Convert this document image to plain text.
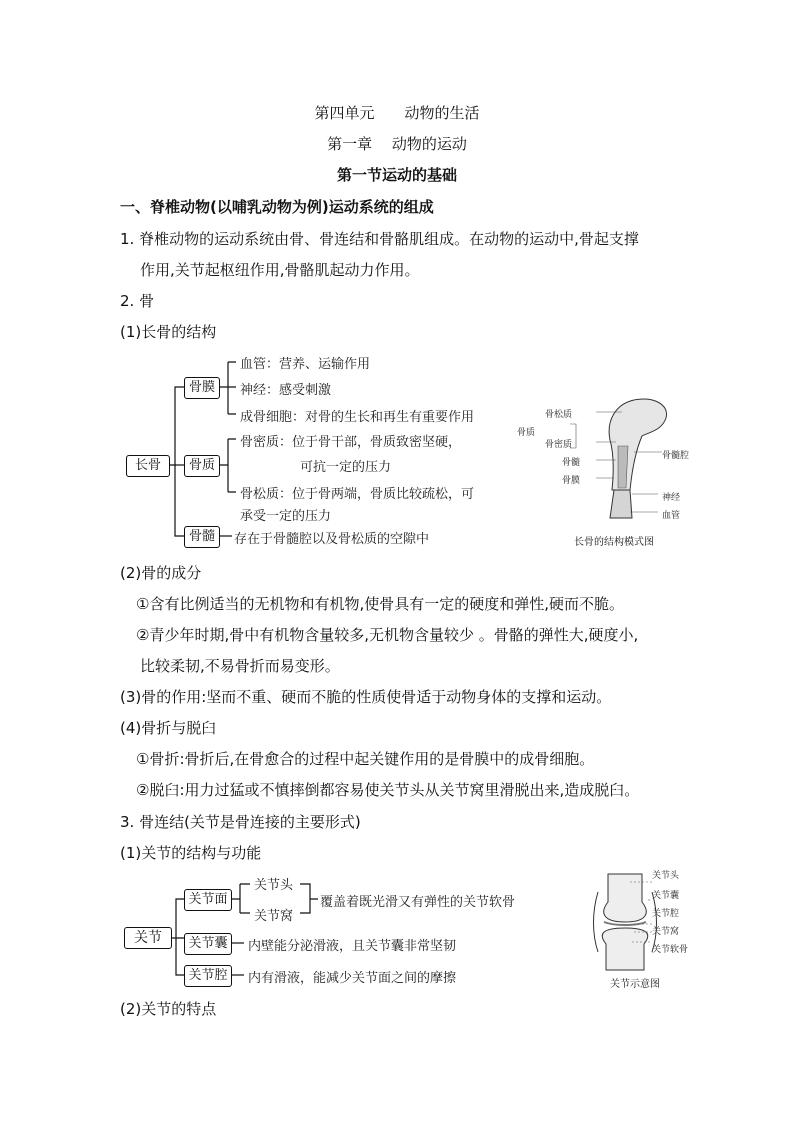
第四单元　　动物的生活
第一章　 动物的运动
第一节运动的基础
一、脊椎动物(以哺乳动物为例)运动系统的组成
1. 脊椎动物的运动系统由骨、骨连结和骨骼肌组成。在动物的运动中,骨起支撑
作用,关节起枢纽作用,骨骼肌起动力作用。
2. 骨
(1)长骨的结构
长骨
骨膜
骨质
骨髓
血管：营养、运输作用
神经：感受刺激
成骨细胞：对骨的生长和再生有重要作用
骨密质：位于骨干部，骨质致密坚硬，
可抗一定的压力
骨松质：位于骨两端，骨质比较疏松，可
承受一定的压力
存在于骨髓腔以及骨松质的空隙中
骨松质
骨质
骨密质
骨髓
骨膜
骨髓腔
神经
血管
长骨的结构模式图
(2)骨的成分
①含有比例适当的无机物和有机物,使骨具有一定的硬度和弹性,硬而不脆。
②青少年时期,骨中有机物含量较多,无机物含量较少 。骨骼的弹性大,硬度小,
比较柔韧,不易骨折而易变形。
(3)骨的作用:坚而不重、硬而不脆的性质使骨适于动物身体的支撑和运动。
(4)骨折与脱臼
①骨折:骨折后,在骨愈合的过程中起关键作用的是骨膜中的成骨细胞。
②脱臼:用力过猛或不慎摔倒都容易使关节头从关节窝里滑脱出来,造成脱臼。
3. 骨连结(关节是骨连接的主要形式)
(1)关节的结构与功能
关节
关节面
关节囊
关节腔
关节头
关节窝
覆盖着既光滑又有弹性的关节软骨
内壁能分泌滑液，且关节囊非常坚韧
内有滑液，能减少关节面之间的摩擦
关节头
关节囊
关节腔
关节窝
关节软骨
关节示意图
(2)关节的特点
